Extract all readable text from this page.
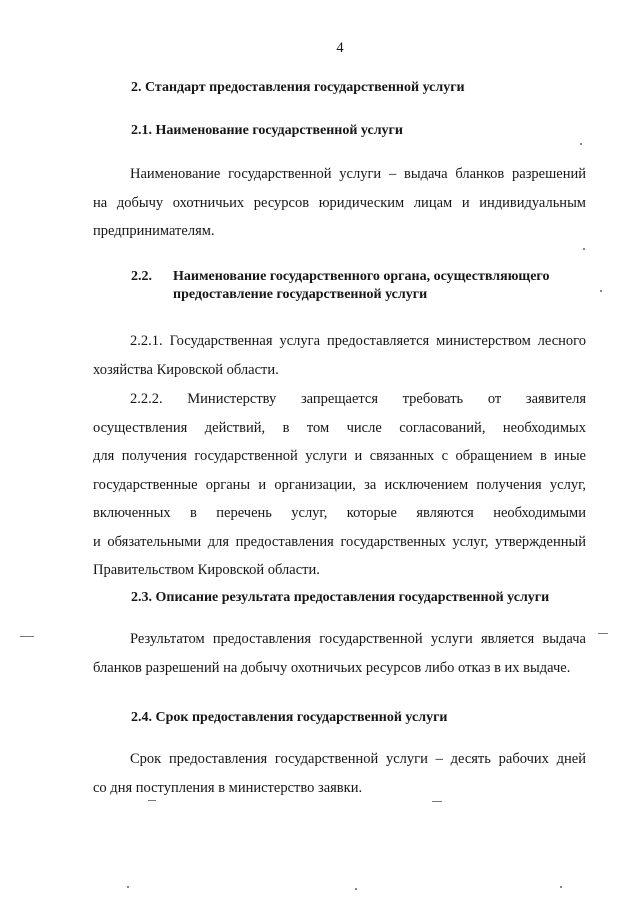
4
2. Стандарт предоставления государственной услуги
2.1. Наименование государственной услуги
Наименование государственной услуги – выдача бланков разрешений
на добычу охотничьих ресурсов юридическим лицам и индивидуальным
предпринимателям.
2.2. Наименование государственного органа, осуществляющего
предоставление государственной услуги
2.2.1. Государственная услуга предоставляется министерством лесного
хозяйства Кировской области.
2.2.2. Министерству запрещается требовать от заявителя
осуществления действий, в том числе согласований, необходимых
для получения государственной услуги и связанных с обращением в иные
государственные органы и организации, за исключением получения услуг,
включенных в перечень услуг, которые являются необходимыми
и обязательными для предоставления государственных услуг, утвержденный
Правительством Кировской области.
2.3. Описание результата предоставления государственной услуги
Результатом предоставления государственной услуги является выдача
бланков разрешений на добычу охотничьих ресурсов либо отказ в их выдаче.
2.4. Срок предоставления государственной услуги
Срок предоставления государственной услуги – десять рабочих дней
со дня поступления в министерство заявки.
